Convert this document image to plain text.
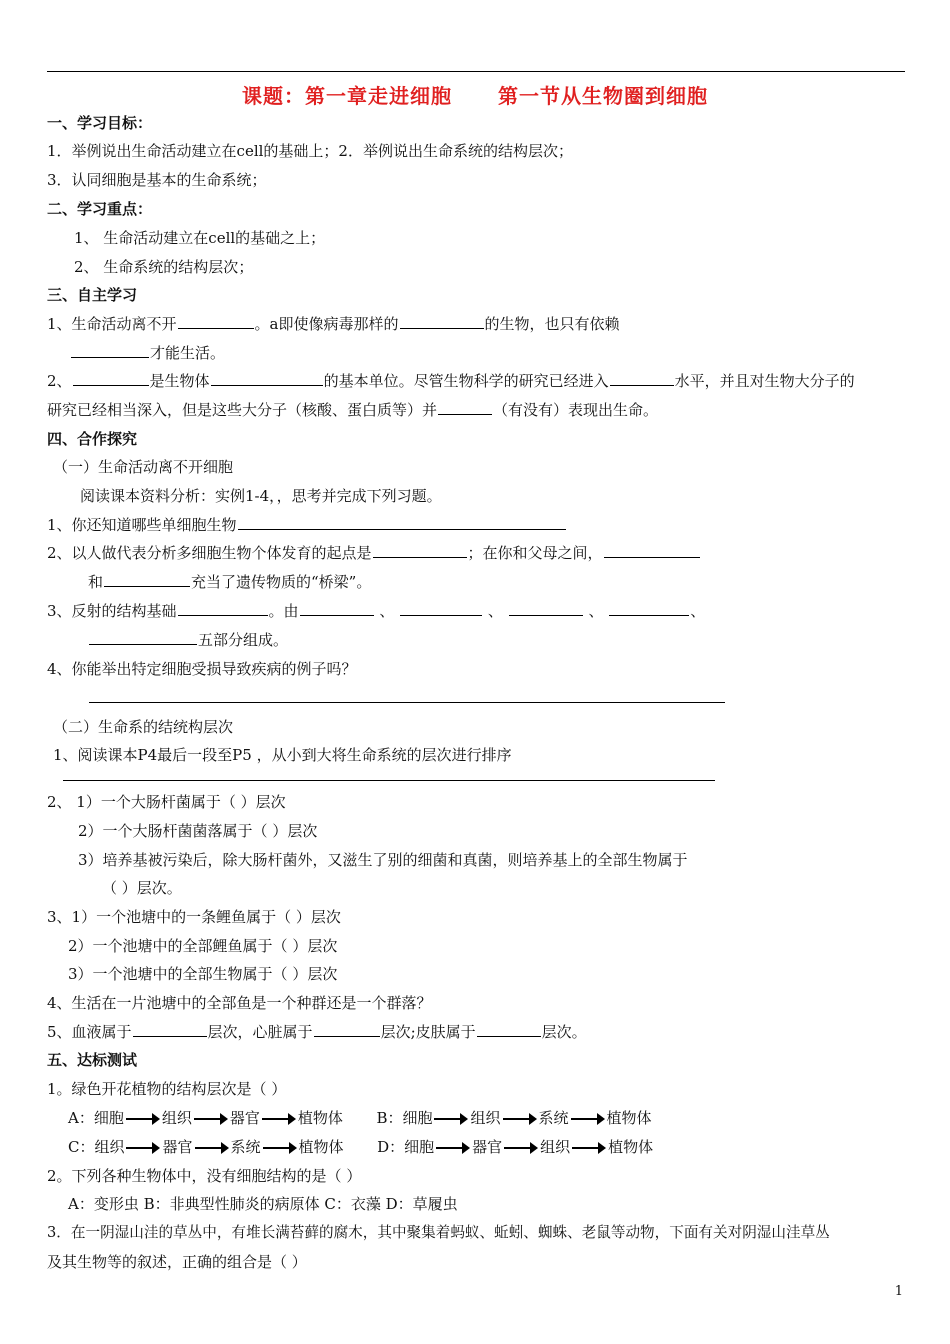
课题：第一章走进细胞 第一节从生物圈到细胞
一、学习目标：
1．举例说出生命活动建立在cell的基础上；2．举例说出生命系统的结构层次；
3．认同细胞是基本的生命系统；
二、学习重点：
1、 生命活动建立在cell的基础之上；
2、 生命系统的结构层次；
三、自主学习
1、生命活动离不开	。a即使像病毒那样的	的生物，也只有依赖
才能生活。
2、	是生物体	的基本单位。尽管生物科学的研究已经进入	水平，并且对生物大分子的
研究已经相当深入，但是这些大分子（核酸、蛋白质等）并	（有没有）表现出生命。
四、合作探究
（一）生命活动离不开细胞
阅读课本资料分析：实例1-4，，思考并完成下列习题。
1、你还知道哪些单细胞生物
2、以人做代表分析多细胞生物个体发育的起点是	；在你和父母之间，
和	充当了遗传物质的“桥梁”。
3、反射的结构基础	。由	、	、	、	、
五部分组成。
4、你能举出特定细胞受损导致疾病的例子吗？
（二）生命系的结统构层次
1、阅读课本P4最后一段至P5 ，从小到大将生命系统的层次进行排序
2、 1）一个大肠杆菌属于（ ）层次
2）一个大肠杆菌菌落属于（ ）层次
3）培养基被污染后，除大肠杆菌外，又滋生了别的细菌和真菌，则培养基上的全部生物属于
（ ）层次。
3、1）一个池塘中的一条鲤鱼属于（ ）层次
2）一个池塘中的全部鲤鱼属于（ ）层次
3）一个池塘中的全部生物属于（ ）层次
4、生活在一片池塘中的全部鱼是一个种群还是一个群落？
5、血液属于	层次，心脏属于	层次;皮肤属于	层次。
五、达标测试
1。绿色开花植物的结构层次是（ ）
A：细胞	组织	器官	植物体 B：细胞	组织	系统	植物体
C：组织	器官	系统	植物体 D：细胞	器官	组织	植物体
2。下列各种生物体中，没有细胞结构的是（ ）
A：变形虫 B：非典型性肺炎的病原体 C：衣藻 D：草履虫
3．在一阴湿山洼的草丛中，有堆长满苔藓的腐木，其中聚集着蚂蚁、蚯蚓、蜘蛛、老鼠等动物，下面有关对阴湿山洼草丛
及其生物等的叙述，正确的组合是（ ）
1
